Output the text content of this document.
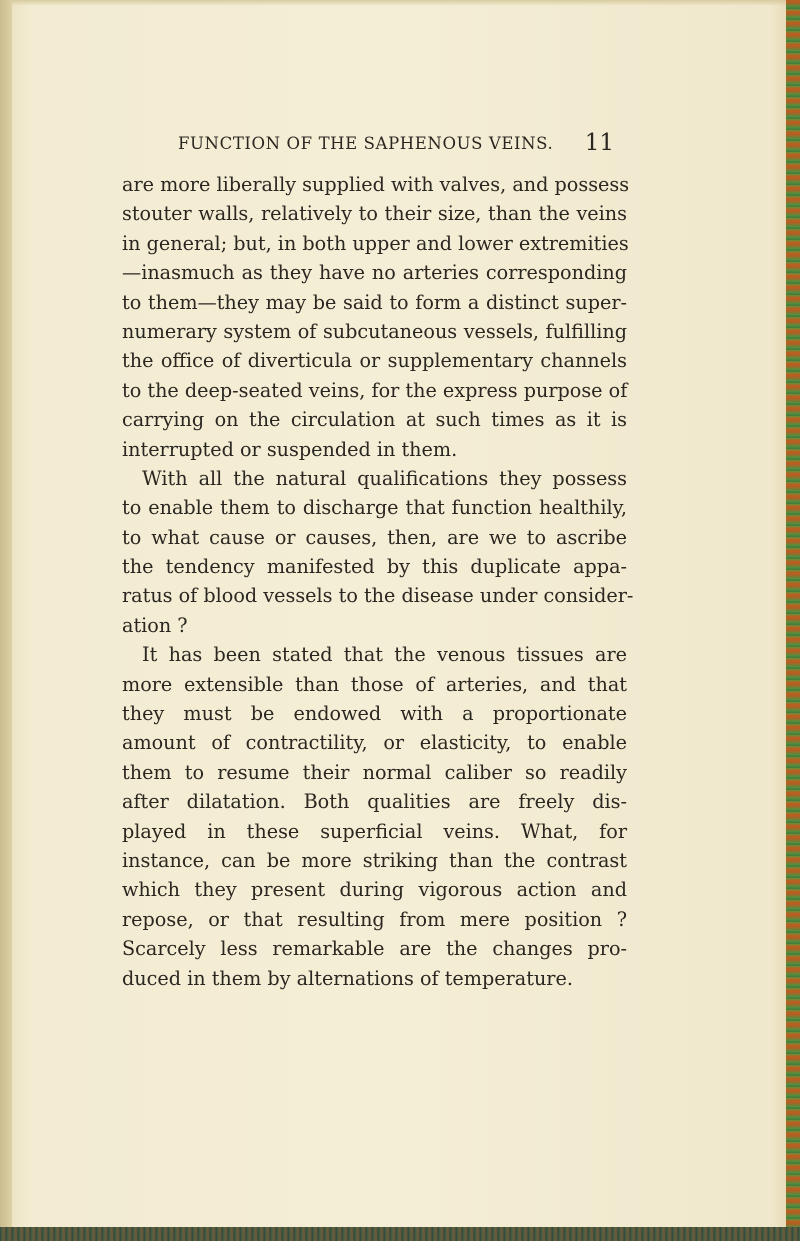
FUNCTION OF THE SAPHENOUS VEINS. 11
are more liberally supplied with valves, and possess
stouter walls, relatively to their size, than the veins
in general; but, in both upper and lower extremities
—inasmuch as they have no arteries corresponding
to them—they may be said to form a distinct super-
numerary system of subcutaneous vessels, fulfilling
the office of diverticula or supplementary channels
to the deep-seated veins, for the express purpose of
carrying on the circulation at such times as it is
interrupted or suspended in them.
With all the natural qualifications they possess
to enable them to discharge that function healthily,
to what cause or causes, then, are we to ascribe
the tendency manifested by this duplicate appa-
ratus of blood vessels to the disease under consider-
ation ?
It has been stated that the venous tissues are
more extensible than those of arteries, and that
they must be endowed with a proportionate
amount of contractility, or elasticity, to enable
them to resume their normal caliber so readily
after dilatation. Both qualities are freely dis-
played in these superficial veins. What, for
instance, can be more striking than the contrast
which they present during vigorous action and
repose, or that resulting from mere position ?
Scarcely less remarkable are the changes pro-
duced in them by alternations of temperature.
